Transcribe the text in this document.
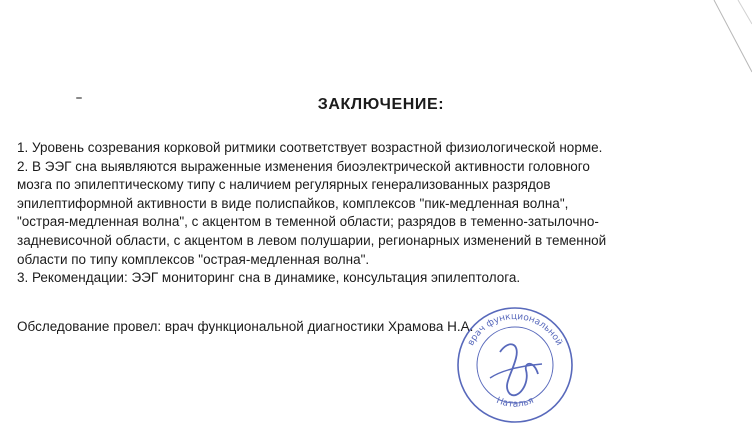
ЗАКЛЮЧЕНИЕ:
1. Уровень созревания корковой ритмики соответствует возрастной физиологической норме.
2. В ЭЭГ сна выявляются выраженные изменения биоэлектрической активности головного
мозга по эпилептическому типу с наличием регулярных генерализованных разрядов
эпилептиформной активности в виде полиспайков, комплексов "пик-медленная волна",
"острая-медленная волна", с акцентом в теменной области; разрядов в теменно-затылочно-
задневисочной области, с акцентом в левом полушарии, регионарных изменений в теменной
области по типу комплексов "острая-медленная волна".
3. Рекомендации: ЭЭГ мониторинг сна в динамике, консультация эпилептолога.
Обследование провел: врач функциональной диагностики Храмова Н.А.
врач функциональной
Наталья
